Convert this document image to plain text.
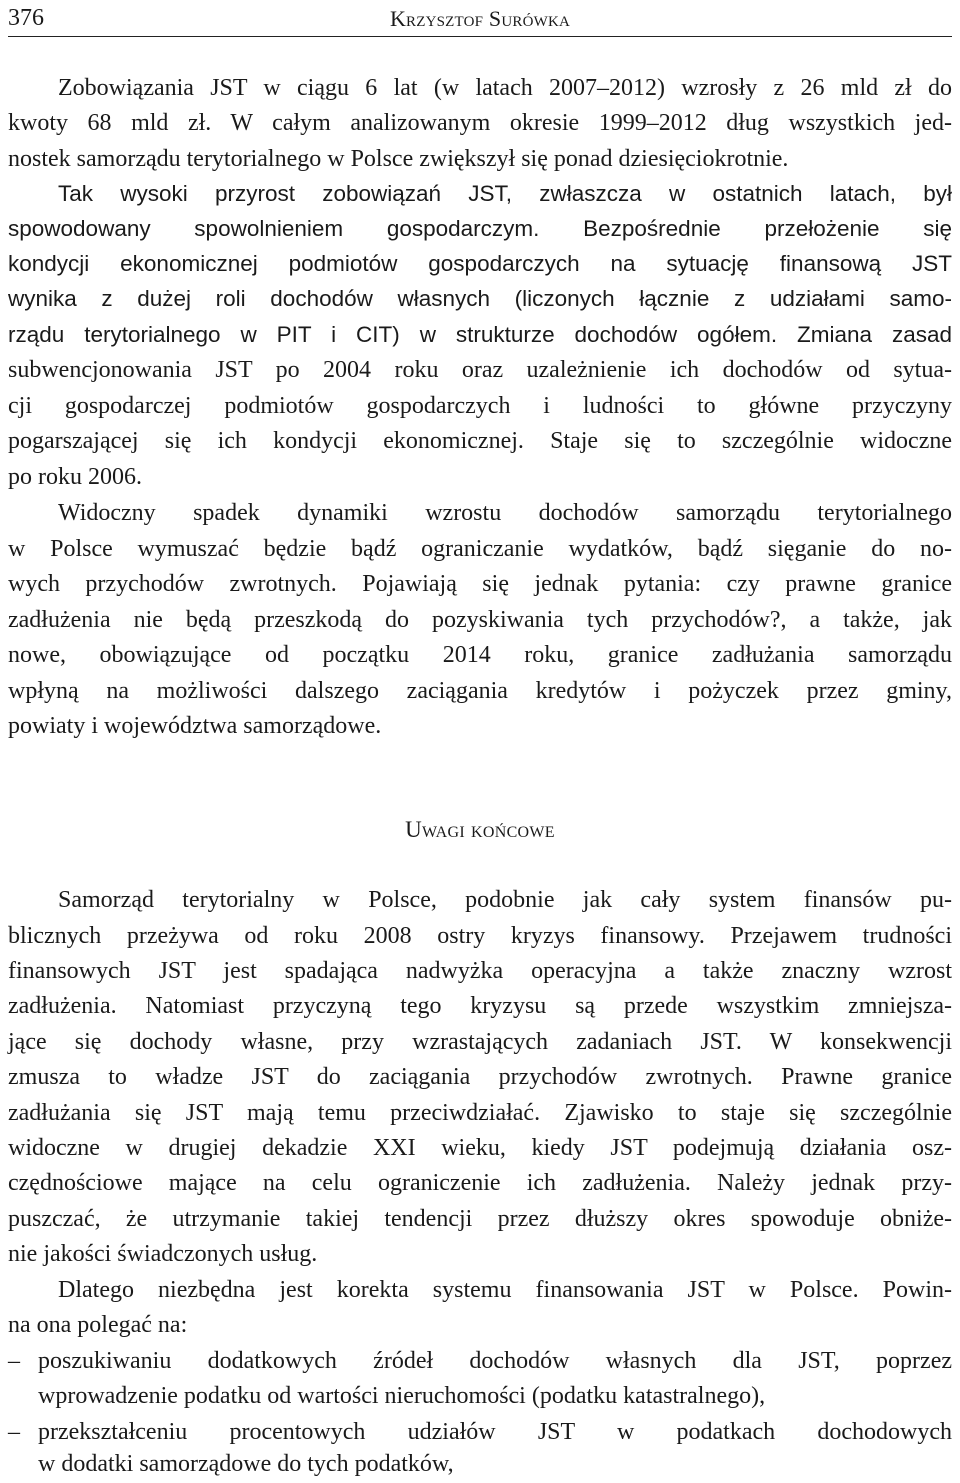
376	Krzysztof Surówka
Zobowiązania JST w ciągu 6 lat (w latach 2007–2012) wzrosły z 26 mld zł do
kwoty 68 mld zł. W całym analizowanym okresie 1999–2012 dług wszystkich jed-
nostek samorządu terytorialnego w Polsce zwiększył się ponad dziesięciokrotnie.
Tak wysoki przyrost zobowiązań JST, zwłaszcza w ostatnich latach, był
spowodowany spowolnieniem gospodarczym. Bezpośrednie przełożenie się
kondycji ekonomicznej podmiotów gospodarczych na sytuację finansową JST
wynika z dużej roli dochodów własnych (liczonych łącznie z udziałami samo-
rządu terytorialnego w PIT i CIT) w strukturze dochodów ogółem. Zmiana zasad
subwencjonowania JST po 2004 roku oraz uzależnienie ich dochodów od sytua-
cji gospodarczej podmiotów gospodarczych i ludności to główne przyczyny
pogarszającej się ich kondycji ekonomicznej. Staje się to szczególnie widoczne
po roku 2006.
Widoczny spadek dynamiki wzrostu dochodów samorządu terytorialnego
w Polsce wymuszać będzie bądź ograniczanie wydatków, bądź sięganie do no-
wych przychodów zwrotnych. Pojawiają się jednak pytania: czy prawne granice
zadłużenia nie będą przeszkodą do pozyskiwania tych przychodów?, a także, jak
nowe, obowiązujące od początku 2014 roku, granice zadłużania samorządu
wpłyną na możliwości dalszego zaciągania kredytów i pożyczek przez gminy,
powiaty i województwa samorządowe.
Uwagi końcowe
Samorząd terytorialny w Polsce, podobnie jak cały system finansów pu-
blicznych przeżywa od roku 2008 ostry kryzys finansowy. Przejawem trudności
finansowych JST jest spadająca nadwyżka operacyjna a także znaczny wzrost
zadłużenia. Natomiast przyczyną tego kryzysu są przede wszystkim zmniejsza-
jące się dochody własne, przy wzrastających zadaniach JST. W konsekwencji
zmusza to władze JST do zaciągania przychodów zwrotnych. Prawne granice
zadłużania się JST mają temu przeciwdziałać. Zjawisko to staje się szczególnie
widoczne w drugiej dekadzie XXI wieku, kiedy JST podejmują działania osz-
czędnościowe mające na celu ograniczenie ich zadłużenia. Należy jednak przy-
puszczać, że utrzymanie takiej tendencji przez dłuższy okres spowoduje obniże-
nie jakości świadczonych usług.
Dlatego niezbędna jest korekta systemu finansowania JST w Polsce. Powin-
na ona polegać na:
– poszukiwaniu dodatkowych źródeł dochodów własnych dla JST, poprzez
wprowadzenie podatku od wartości nieruchomości (podatku katastralnego),
– przekształceniu procentowych udziałów JST w podatkach dochodowych
w dodatki samorządowe do tych podatków,
